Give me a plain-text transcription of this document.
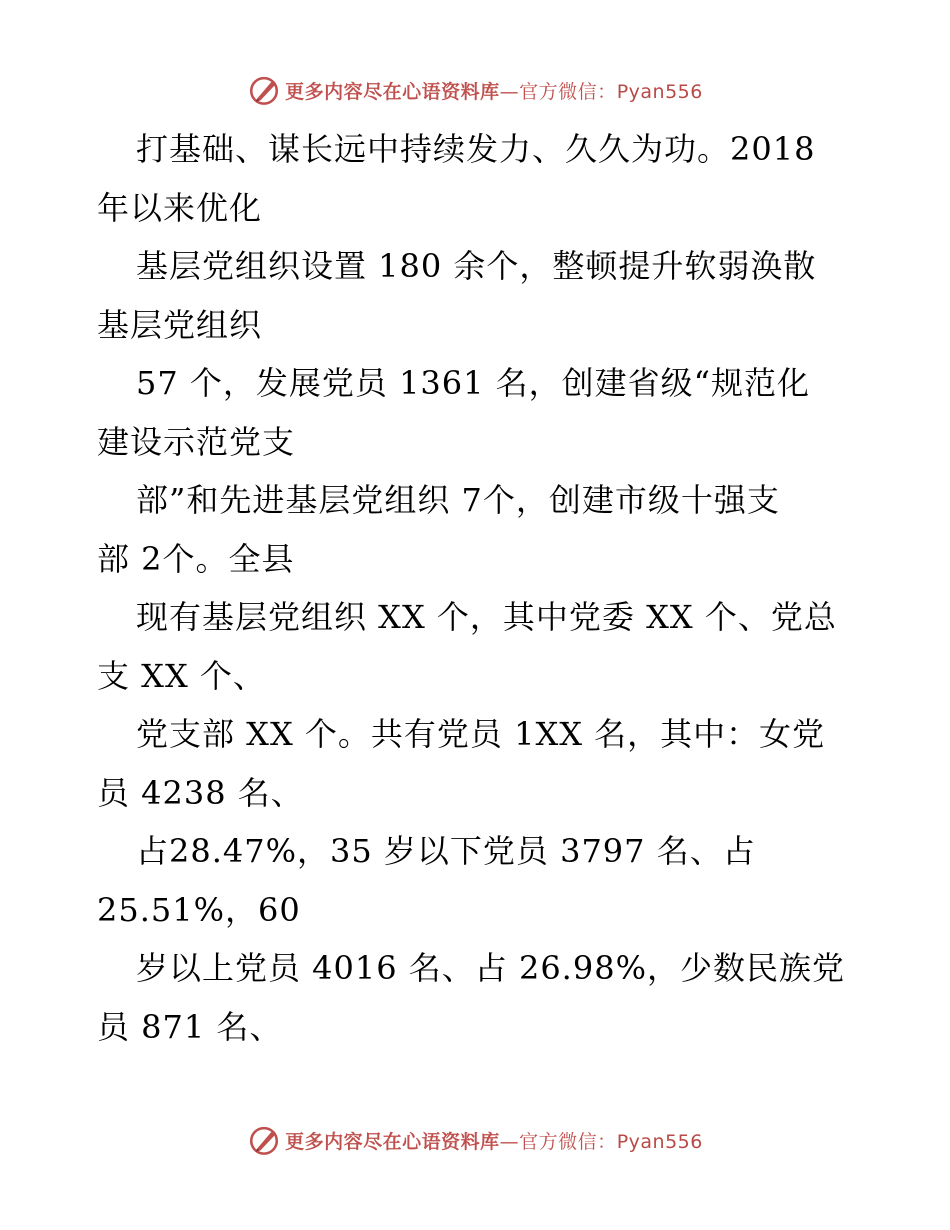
更多内容尽在心语资料库—官方微信：Pyan556
打基础、谋长远中持续发力、久久为功。2018
年以来优化
基层党组织设置 180 余个，整顿提升软弱涣散
基层党组织
57 个，发展党员 1361 名，创建省级“规范化
建设示范党支
部”和先进基层党组织 7个，创建市级十强支
部 2个。全县
现有基层党组织 XX 个，其中党委 XX 个、党总
支 XX 个、
党支部 XX 个。共有党员 1XX 名，其中：女党
员 4238 名、
占28.47%，35 岁以下党员 3797 名、占
25.51%，60
岁以上党员 4016 名、占 26.98%，少数民族党
员 871 名、
更多内容尽在心语资料库—官方微信：Pyan556
